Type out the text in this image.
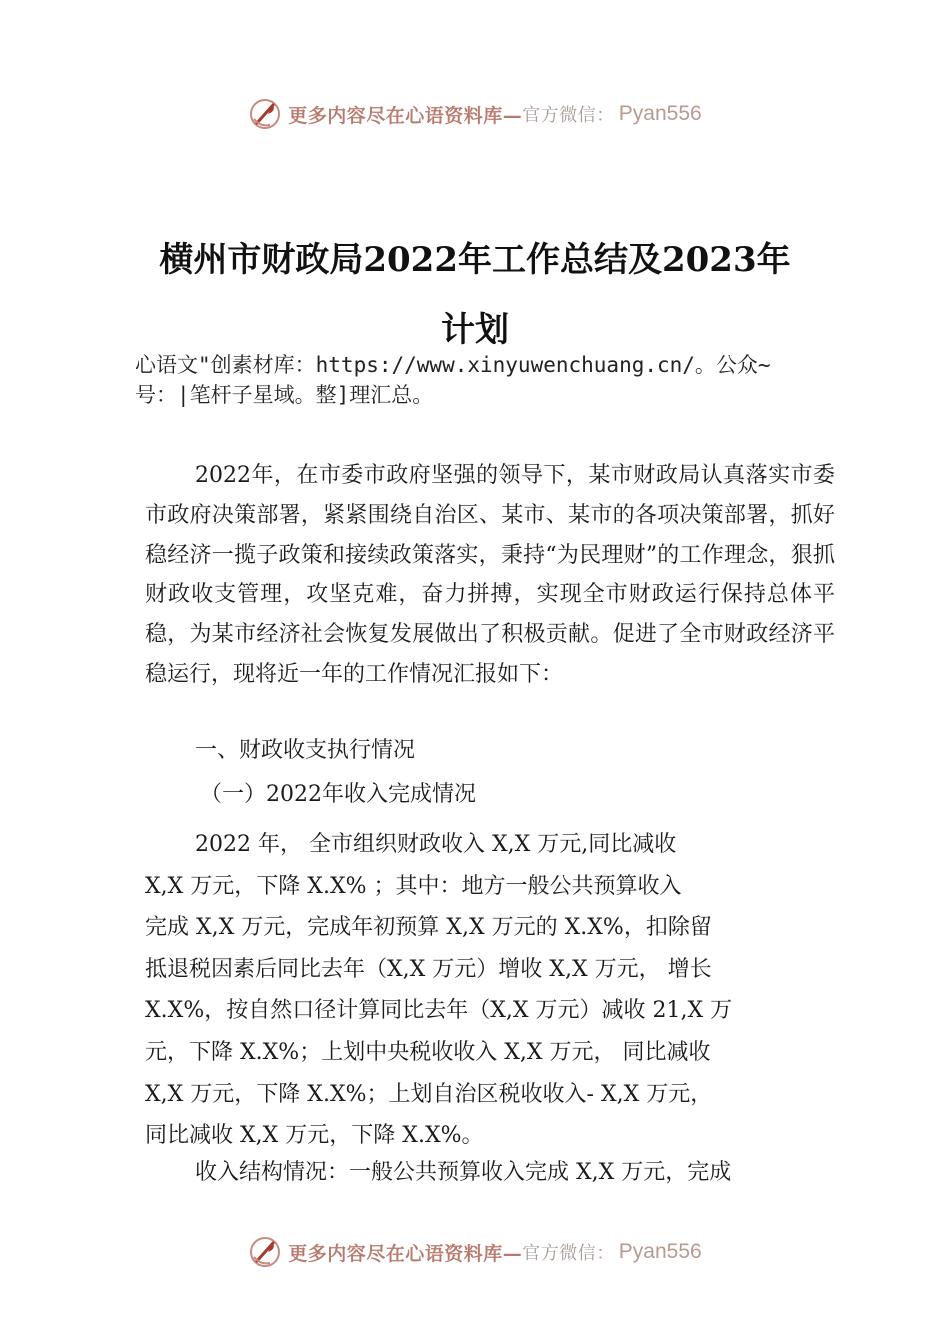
更多内容尽在心语资料库— 官方微信： Pyan556
横州市财政局2022年工作总结及2023年
计划
心语文"创素材库：https://www.xinyuwenchuang.cn/。公众~
号：|笔杆子星域。整]理汇总。
2022年，在市委市政府坚强的领导下，某市财政局认真落实市委市政府决策部署，紧紧围绕自治区、某市、某市的各项决策部署，抓好稳经济一揽子政策和接续政策落实，秉持“为民理财”的工作理念，狠抓财政收支管理，攻坚克难，奋力拼搏，实现全市财政运行保持总体平稳，为某市经济社会恢复发展做出了积极贡献。促进了全市财政经济平稳运行，现将近一年的工作情况汇报如下：
一、财政收支执行情况
（一）2022年收入完成情况
2022 年， 全市组织财政收入 X,X 万元,同比减收
X,X 万元，下降 X.X% ；其中：地方一般公共预算收入
完成 X,X 万元，完成年初预算 X,X 万元的 X.X%，扣除留
抵退税因素后同比去年（X,X 万元）增收 X,X 万元， 增长
X.X%，按自然口径计算同比去年（X,X 万元）减收 21,X 万
元，下降 X.X%；上划中央税收收入 X,X 万元， 同比减收
X,X 万元，下降 X.X%；上划自治区税收收入- X,X 万元，
同比减收 X,X 万元，下降 X.X%。
收入结构情况：一般公共预算收入完成 X,X 万元，完成
更多内容尽在心语资料库— 官方微信： Pyan556
